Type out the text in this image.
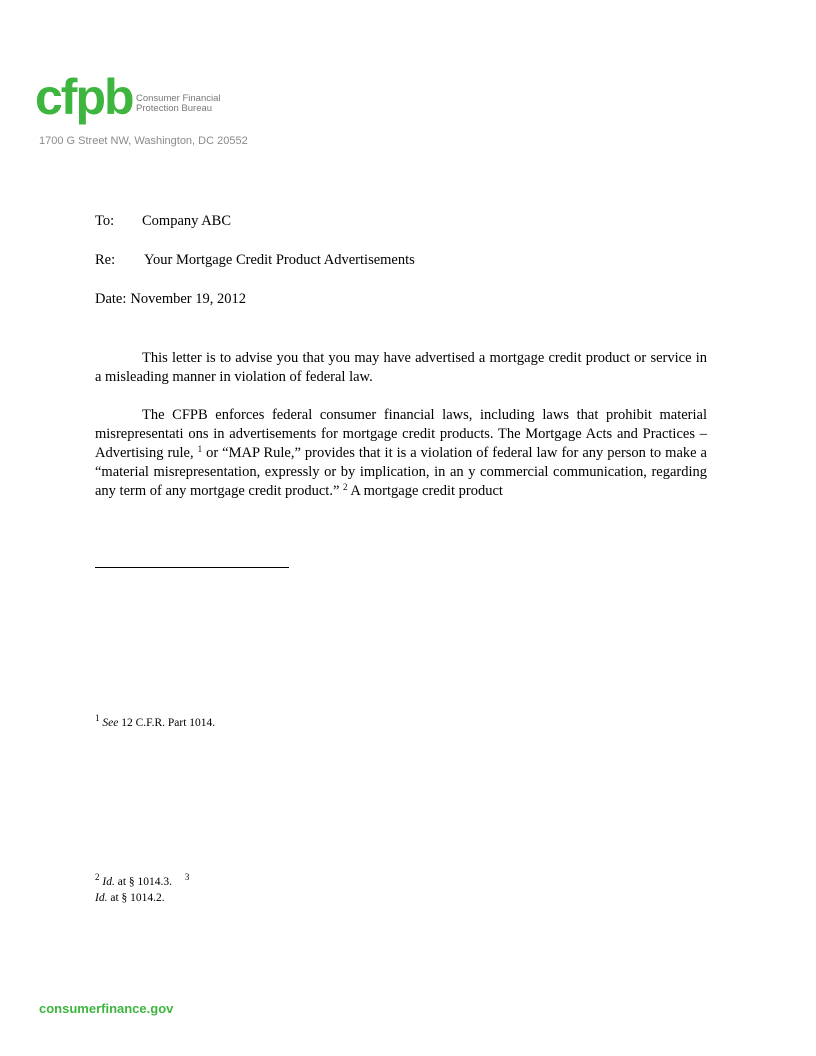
cfpb Consumer Financial
Protection Bureau
1700 G Street NW, Washington, DC 20552
To: Company ABC
Re: Your Mortgage Credit Product Advertisements
Date: November 19, 2012

This letter is to advise you that you may have advertised a mortgage credit product or service in a misleading manner in violation of federal law.

The CFPB enforces federal consumer financial laws, including laws that prohibit material misrepresentati ons in advertisements for mortgage credit products. The Mortgage Acts and Practices – Advertising rule, $^1$ or “MAP Rule,” provides that it is a violation of federal law for any person to make a “material misrepresentation, expressly or by implication, in an y commercial communication, regarding any term of any mortgage credit product.” $^2$ A mortgage credit product

$^1$ See 12 C.F.R. Part 1014.
$^2$ Id. at § 1014.3. $^3$
Id. at § 1014.2.
consumerfinance.gov
